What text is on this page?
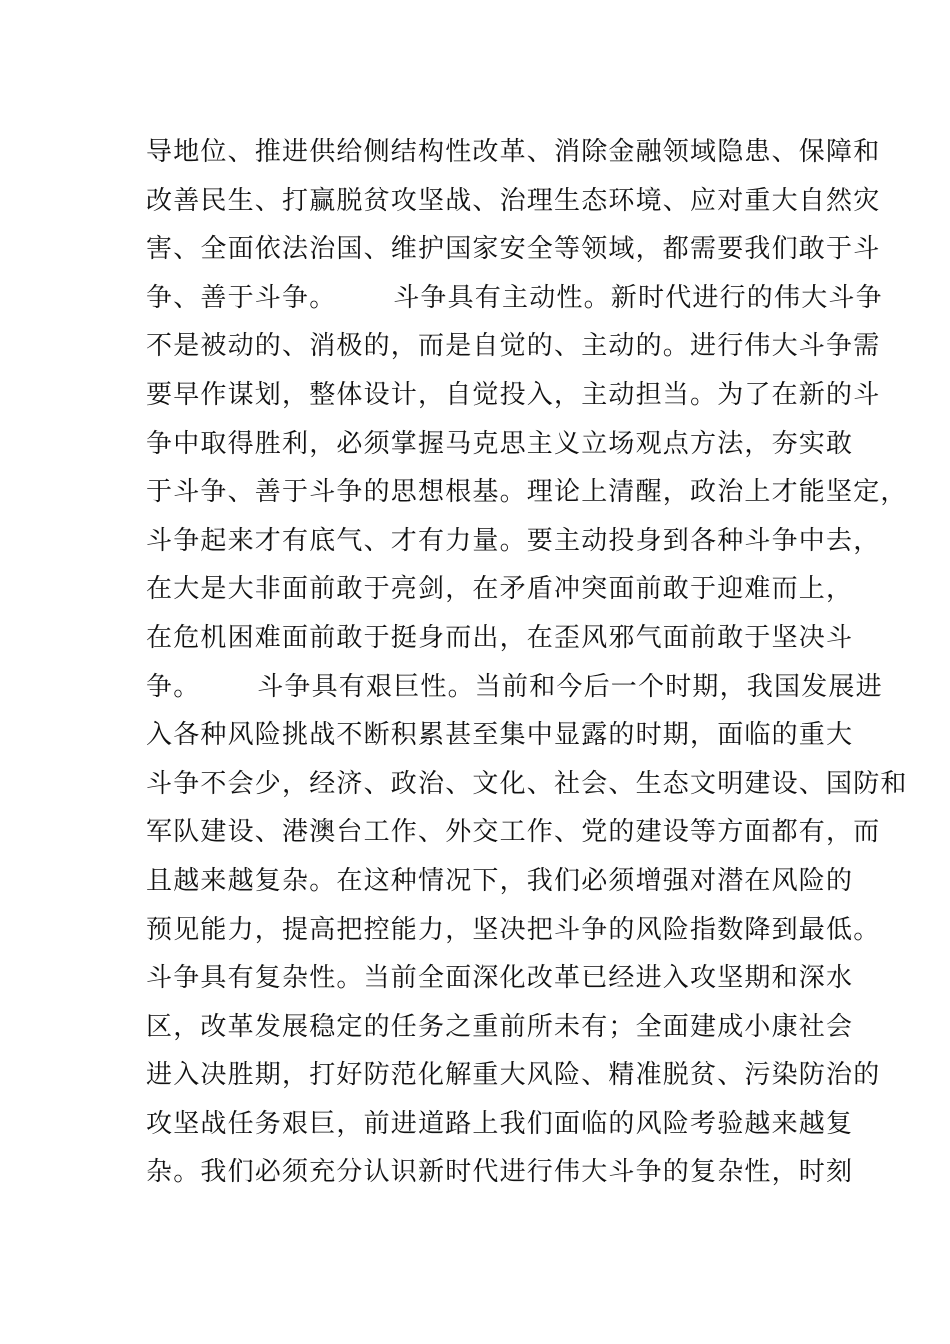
导地位、推进供给侧结构性改革、消除金融领域隐患、保障和
改善民生、打赢脱贫攻坚战、治理生态环境、应对重大自然灾
害、全面依法治国、维护国家安全等领域，都需要我们敢于斗
争、善于斗争。      斗争具有主动性。新时代进行的伟大斗争
不是被动的、消极的，而是自觉的、主动的。进行伟大斗争需
要早作谋划，整体设计，自觉投入，主动担当。为了在新的斗
争中取得胜利，必须掌握马克思主义立场观点方法，夯实敢
于斗争、善于斗争的思想根基。理论上清醒，政治上才能坚定，
斗争起来才有底气、才有力量。要主动投身到各种斗争中去，
在大是大非面前敢于亮剑，在矛盾冲突面前敢于迎难而上，
在危机困难面前敢于挺身而出，在歪风邪气面前敢于坚决斗
争。      斗争具有艰巨性。当前和今后一个时期，我国发展进
入各种风险挑战不断积累甚至集中显露的时期，面临的重大
斗争不会少，经济、政治、文化、社会、生态文明建设、国防和
军队建设、港澳台工作、外交工作、党的建设等方面都有，而
且越来越复杂。在这种情况下，我们必须增强对潜在风险的
预见能力，提高把控能力，坚决把斗争的风险指数降到最低。
斗争具有复杂性。当前全面深化改革已经进入攻坚期和深水
区，改革发展稳定的任务之重前所未有；全面建成小康社会
进入决胜期，打好防范化解重大风险、精准脱贫、污染防治的
攻坚战任务艰巨，前进道路上我们面临的风险考验越来越复
杂。我们必须充分认识新时代进行伟大斗争的复杂性，时刻
